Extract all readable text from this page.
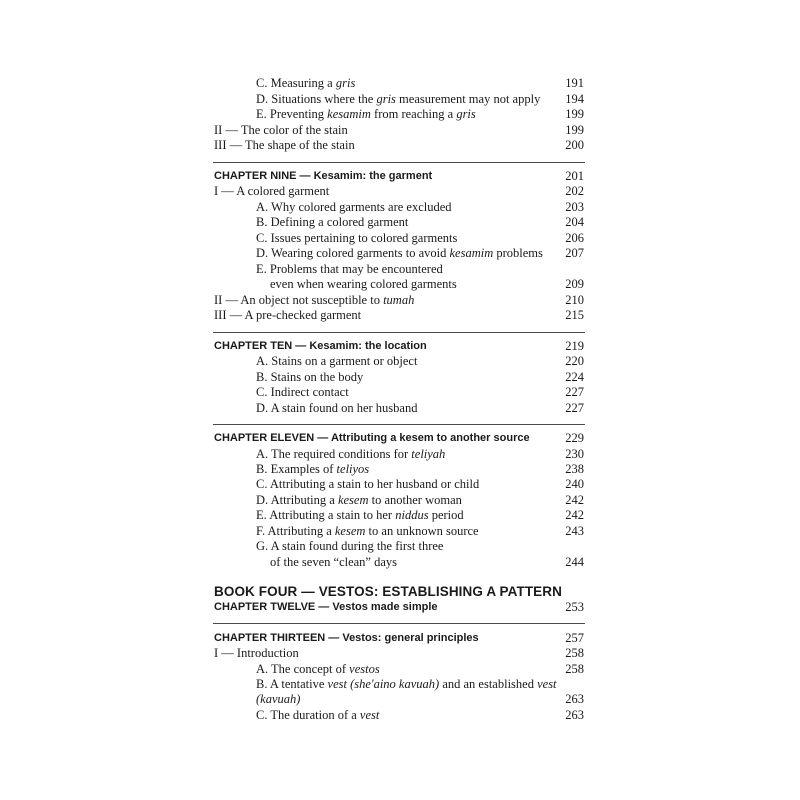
C. Measuring a gris	191
D. Situations where the gris measurement may not apply	194
E. Preventing kesamim from reaching a gris	199
II — The color of the stain	199
III — The shape of the stain	200
CHAPTER NINE — Kesamim: the garment	201
I — A colored garment	202
A. Why colored garments are excluded	203
B. Defining a colored garment	204
C. Issues pertaining to colored garments	206
D. Wearing colored garments to avoid kesamim problems	207
E. Problems that may be encountered
even when wearing colored garments	209
II — An object not susceptible to tumah	210
III — A pre-checked garment	215
CHAPTER TEN — Kesamim: the location	219
A. Stains on a garment or object	220
B. Stains on the body	224
C. Indirect contact	227
D. A stain found on her husband	227
CHAPTER ELEVEN — Attributing a kesem to another source	229
A. The required conditions for teliyah	230
B. Examples of teliyos	238
C. Attributing a stain to her husband or child	240
D. Attributing a kesem to another woman	242
E. Attributing a stain to her niddus period	242
F. Attributing a kesem to an unknown source	243
G. A stain found during the first three
of the seven “clean” days	244
BOOK FOUR — VESTOS: ESTABLISHING A PATTERN
CHAPTER TWELVE — Vestos made simple	253
CHAPTER THIRTEEN — Vestos: general principles	257
I — Introduction	258
A. The concept of vestos	258
B. A tentative vest (she'aino kavuah) and an established vest
(kavuah)	263
C. The duration of a vest	263
